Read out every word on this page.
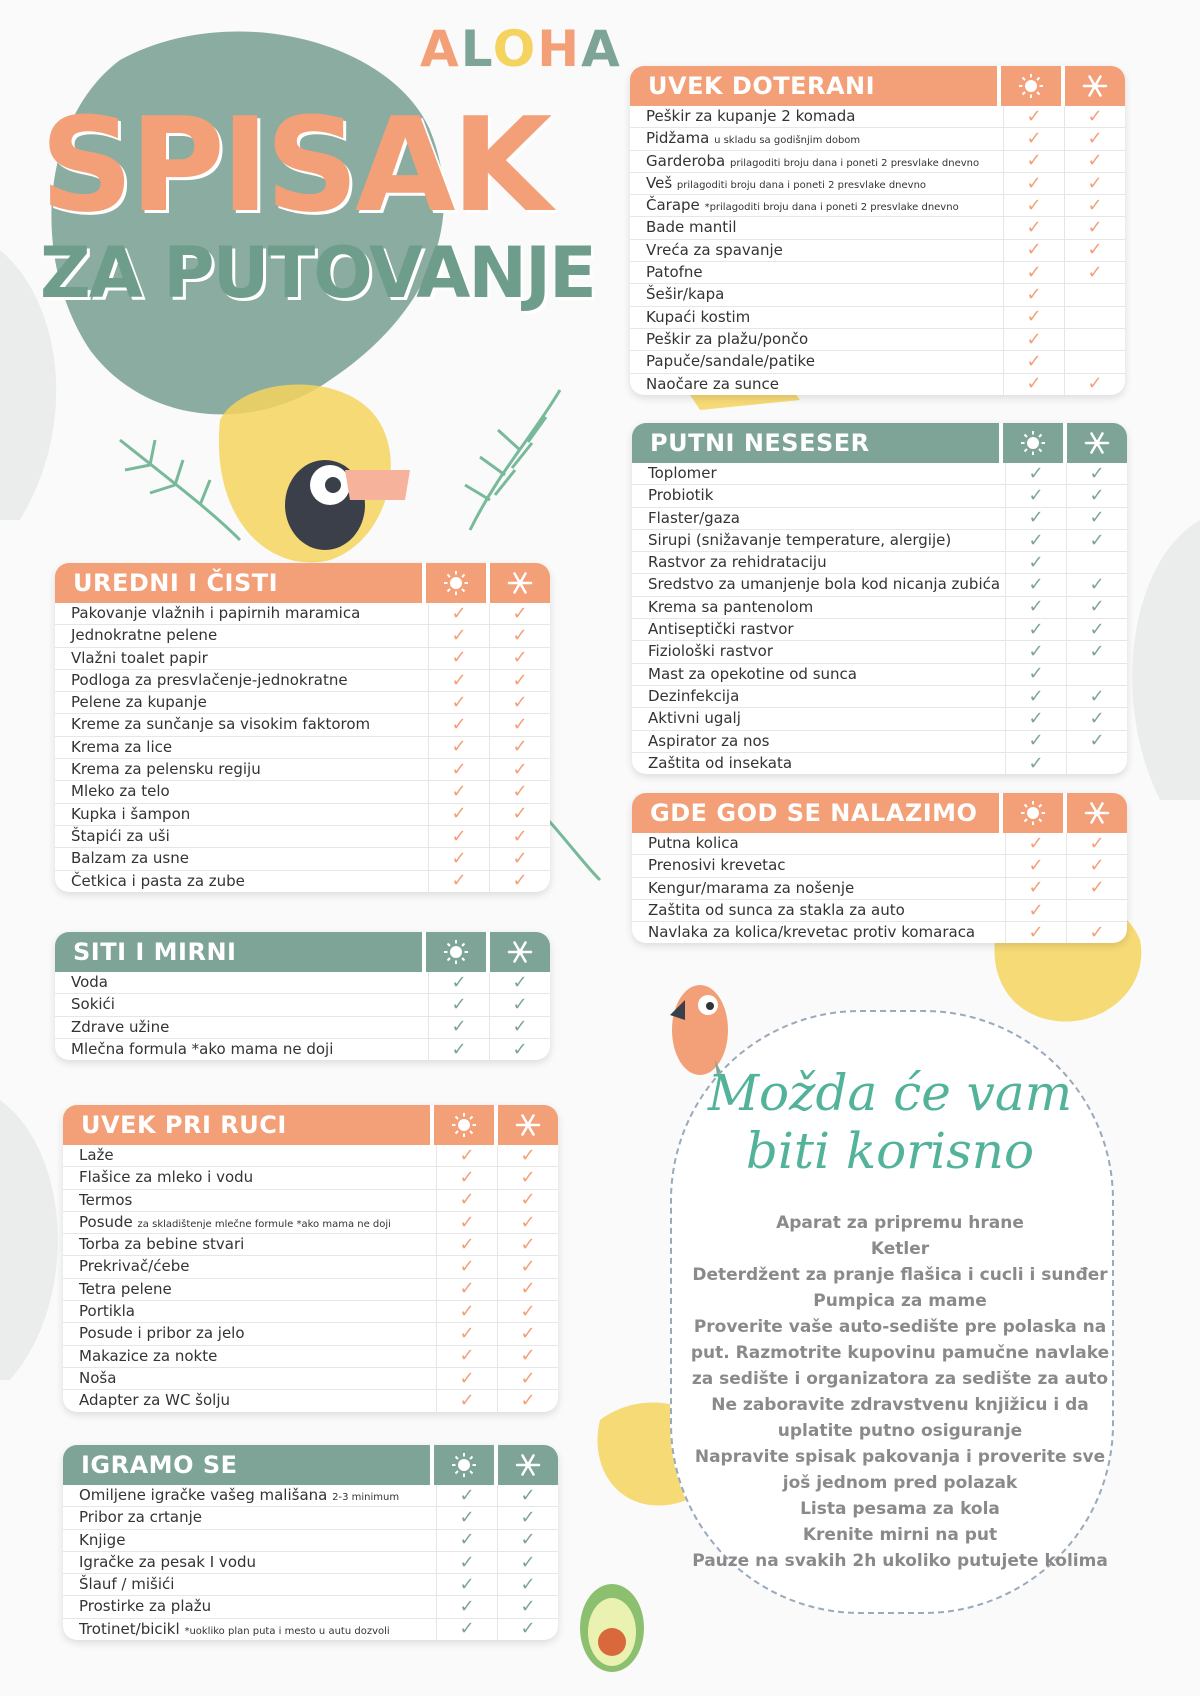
ALOHA
SPISAK
ZA PUTOVANJE
UVEK DOTERANI
Peškir za kupanje 2 komada	✓	✓
Pidžama u skladu sa godišnjim dobom	✓	✓
Garderoba prilagoditi broju dana i poneti 2 presvlake dnevno	✓	✓
Veš prilagoditi broju dana i poneti 2 presvlake dnevno	✓	✓
Čarape *prilagoditi broju dana i poneti 2 presvlake dnevno	✓	✓
Bade mantil	✓	✓
Vreća za spavanje	✓	✓
Patofne	✓	✓
Šešir/kapa	✓
Kupaći kostim	✓
Peškir za plažu/pončo	✓
Papuče/sandale/patike	✓
Naočare za sunce	✓	✓
PUTNI NESESER
Toplomer	✓	✓
Probiotik	✓	✓
Flaster/gaza	✓	✓
Sirupi (snižavanje temperature, alergije)	✓	✓
Rastvor za rehidrataciju	✓
Sredstvo za umanjenje bola kod nicanja zubića ✓	✓
Krema sa pantenolom	✓	✓
Antiseptički rastvor	✓	✓
Fiziološki rastvor	✓	✓
Mast za opekotine od sunca	✓
Dezinfekcija	✓	✓
Aktivni ugalj	✓	✓
Aspirator za nos	✓	✓
Zaštita od insekata	✓
GDE GOD SE NALAZIMO
Putna kolica	✓	✓
Prenosivi krevetac	✓	✓
Kengur/marama za nošenje	✓	✓
Zaštita od sunca za stakla za auto	✓
Navlaka za kolica/krevetac protiv komaraca	✓	✓
UREDNI I ČISTI
Pakovanje vlažnih i papirnih maramica	✓	✓
Jednokratne pelene	✓	✓
Vlažni toalet papir	✓	✓
Podloga za presvlačenje-jednokratne	✓	✓
Pelene za kupanje	✓	✓
Kreme za sunčanje sa visokim faktorom	✓	✓
Krema za lice	✓	✓
Krema za pelensku regiju	✓	✓
Mleko za telo	✓	✓
Kupka i šampon	✓	✓
Štapići za uši	✓	✓
Balzam za usne	✓	✓
Četkica i pasta za zube	✓	✓
SITI I MIRNI
Voda	✓	✓
Sokići	✓	✓
Zdrave užine	✓	✓
Mlečna formula *ako mama ne doji	✓	✓
UVEK PRI RUCI
Laže	✓	✓
Flašice za mleko i vodu	✓	✓
Termos	✓	✓
Posude za skladištenje mlečne formule *ako mama ne doji	✓	✓
Torba za bebine stvari	✓	✓
Prekrivač/ćebe	✓	✓
Tetra pelene	✓	✓
Portikla	✓	✓
Posude i pribor za jelo	✓	✓
Makazice za nokte	✓	✓
Noša	✓	✓
Adapter za WC šolju	✓	✓
IGRAMO SE
Omiljene igračke vašeg mališana 2-3 minimum	✓	✓
Pribor za crtanje	✓	✓
Knjige	✓	✓
Igračke za pesak I vodu	✓	✓
Šlauf / mišići	✓	✓
Prostirke za plažu	✓	✓
Trotinet/bicikl *uokliko plan puta i mesto u autu dozvoli	✓	✓
Možda će vam
biti korisno
Aparat za pripremu hrane
Ketler
Deterdžent za pranje flašica i cucli i sunđer
Pumpica za mame
Proverite vaše auto-sedište pre polaska na put. Razmotrite kupovinu pamučne navlake za sedište i organizatora za sedište za auto
Ne zaboravite zdravstvenu knjižicu i da uplatite putno osiguranje
Napravite spisak pakovanja i proverite sve još jednom pred polazak
Lista pesama za kola
Krenite mirni na put
Pauze na svakih 2h ukoliko putujete kolima
